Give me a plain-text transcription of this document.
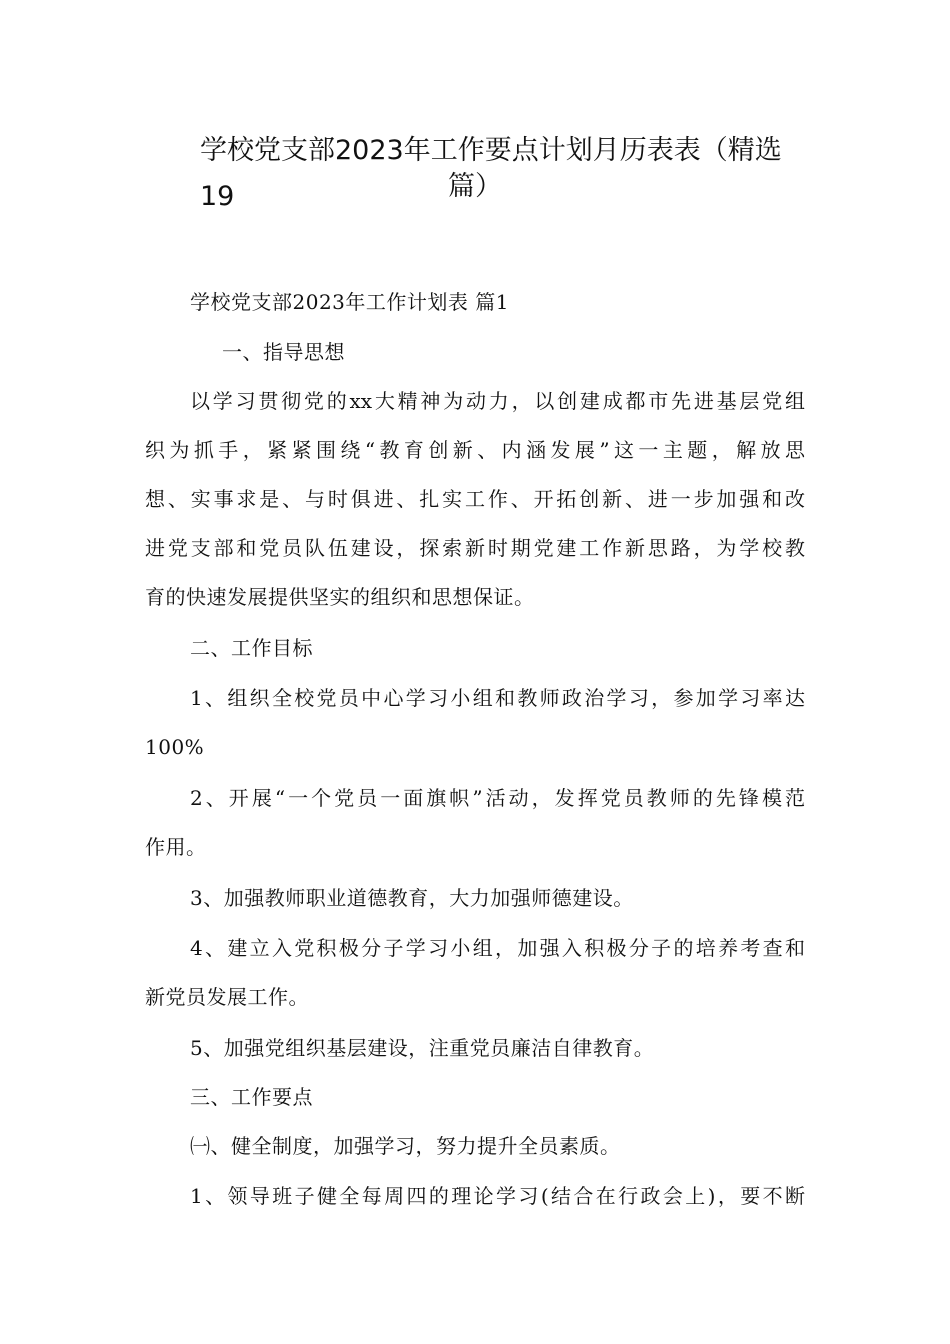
学校党支部2023年工作要点计划月历表表（精选19	篇）
学校党支部2023年工作计划表 篇1
一、指导思想
以学习贯彻党的xx大精神为动力，以创建成都市先进基层党组
织为抓手，紧紧围绕“教育创新、内涵发展”这一主题，解放思
想、实事求是、与时俱进、扎实工作、开拓创新、进一步加强和改
进党支部和党员队伍建设，探索新时期党建工作新思路，为学校教
育的快速发展提供坚实的组织和思想保证。
二、工作目标
1、组织全校党员中心学习小组和教师政治学习，参加学习率达
100%
2、开展“一个党员一面旗帜”活动，发挥党员教师的先锋模范
作用。
3、加强教师职业道德教育，大力加强师德建设。
4、建立入党积极分子学习小组，加强入积极分子的培养考查和
新党员发展工作。
5、加强党组织基层建设，注重党员廉洁自律教育。
三、工作要点
㈠、健全制度，加强学习，努力提升全员素质。
1、领导班子健全每周四的理论学习(结合在行政会上)，要不断
